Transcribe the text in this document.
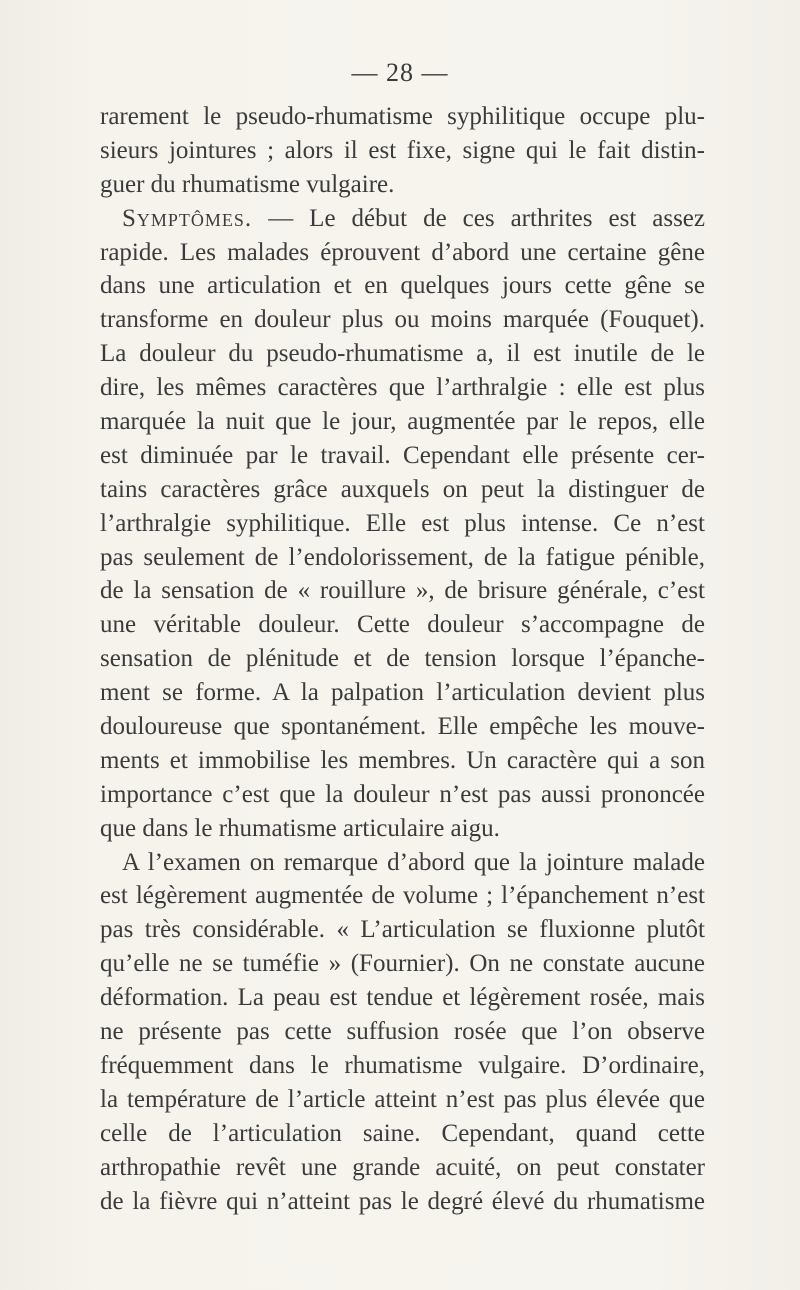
— 28 —
rarement le pseudo-rhumatisme syphilitique occupe plu-
sieurs jointures ; alors il est fixe, signe qui le fait distin-
guer du rhumatisme vulgaire.
Symptômes. — Le début de ces arthrites est assez
rapide. Les malades éprouvent d’abord une certaine gêne
dans une articulation et en quelques jours cette gêne se
transforme en douleur plus ou moins marquée (Fouquet).
La douleur du pseudo-rhumatisme a, il est inutile de le
dire, les mêmes caractères que l’arthralgie : elle est plus
marquée la nuit que le jour, augmentée par le repos, elle
est diminuée par le travail. Cependant elle présente cer-
tains caractères grâce auxquels on peut la distinguer de
l’arthralgie syphilitique. Elle est plus intense. Ce n’est
pas seulement de l’endolorissement, de la fatigue pénible,
de la sensation de « rouillure », de brisure générale, c’est
une véritable douleur. Cette douleur s’accompagne de
sensation de plénitude et de tension lorsque l’épanche-
ment se forme. A la palpation l’articulation devient plus
douloureuse que spontanément. Elle empêche les mouve-
ments et immobilise les membres. Un caractère qui a son
importance c’est que la douleur n’est pas aussi prononcée
que dans le rhumatisme articulaire aigu.
A l’examen on remarque d’abord que la jointure malade
est légèrement augmentée de volume ; l’épanchement n’est
pas très considérable. « L’articulation se fluxionne plutôt
qu’elle ne se tuméfie » (Fournier). On ne constate aucune
déformation. La peau est tendue et légèrement rosée, mais
ne présente pas cette suffusion rosée que l’on observe
fréquemment dans le rhumatisme vulgaire. D’ordinaire,
la température de l’article atteint n’est pas plus élevée que
celle de l’articulation saine. Cependant, quand cette
arthropathie revêt une grande acuité, on peut constater
de la fièvre qui n’atteint pas le degré élevé du rhumatisme
